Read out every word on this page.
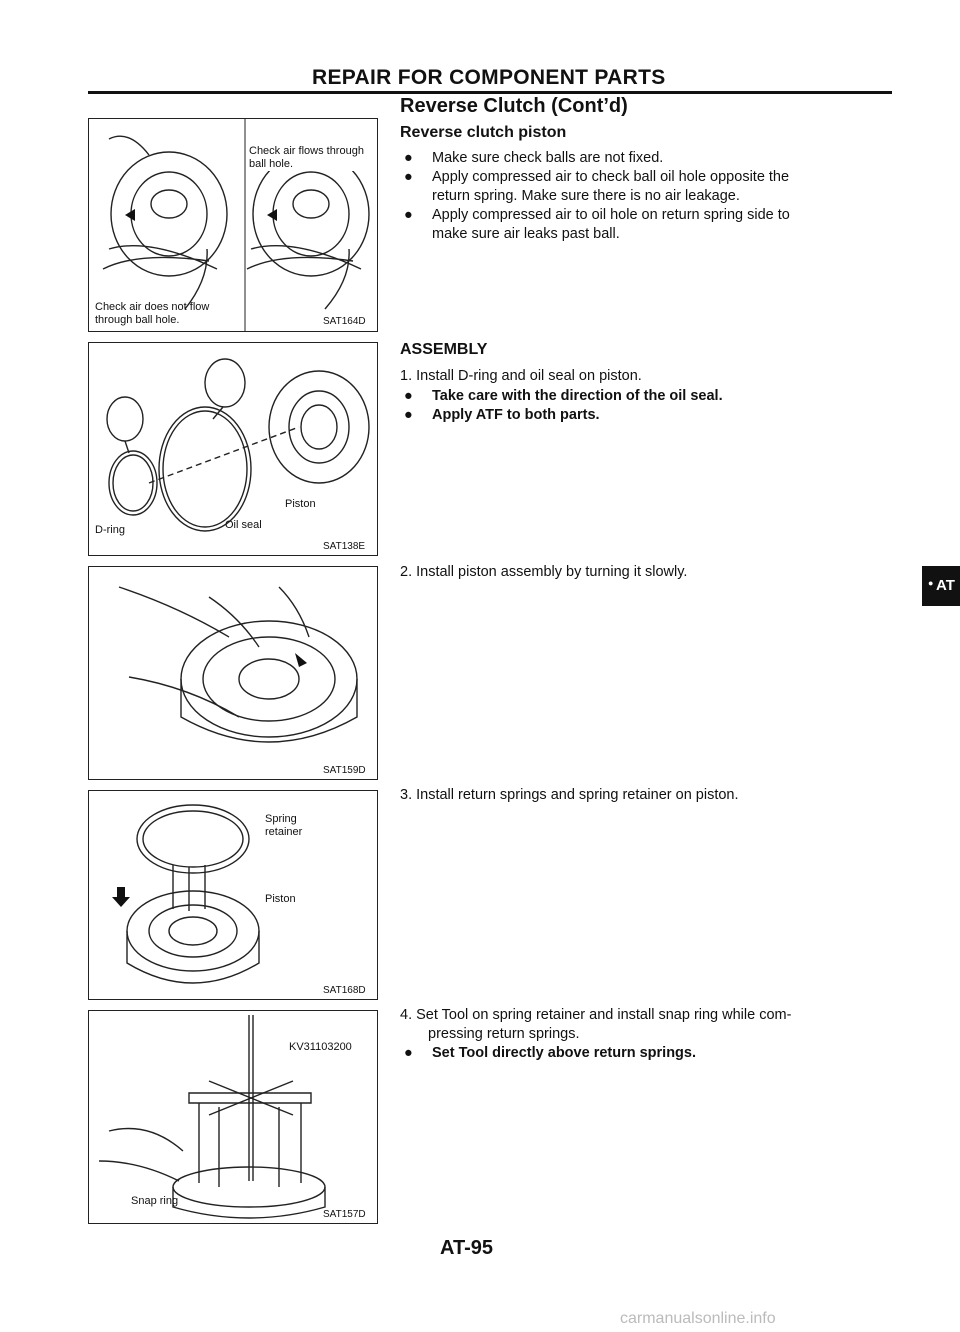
REPAIR FOR COMPONENT PARTS
Reverse Clutch (Cont’d)
Reverse clutch piston
Check air does not flow
through ball hole.
Check air flows through
ball hole.
SAT164D
D-ring	Oil seal
Piston
SAT138E
SAT159D
Spring
retainer
Piston
SAT168D
KV31103200
Snap ring
SAT157D
● Make sure check balls are not fixed.
● Apply compressed air to check ball oil hole opposite the
return spring. Make sure there is no air leakage.
● Apply compressed air to oil hole on return spring side to
make sure air leaks past ball.
ASSEMBLY
1. Install D-ring and oil seal on piston.
● Take care with the direction of the oil seal.
● Apply ATF to both parts.
2. Install piston assembly by turning it slowly.
3. Install return springs and spring retainer on piston.
4. Set Tool on spring retainer and install snap ring while com-
pressing return springs.
● Set Tool directly above return springs.
● AT
AT-95
carmanualsonline.info
